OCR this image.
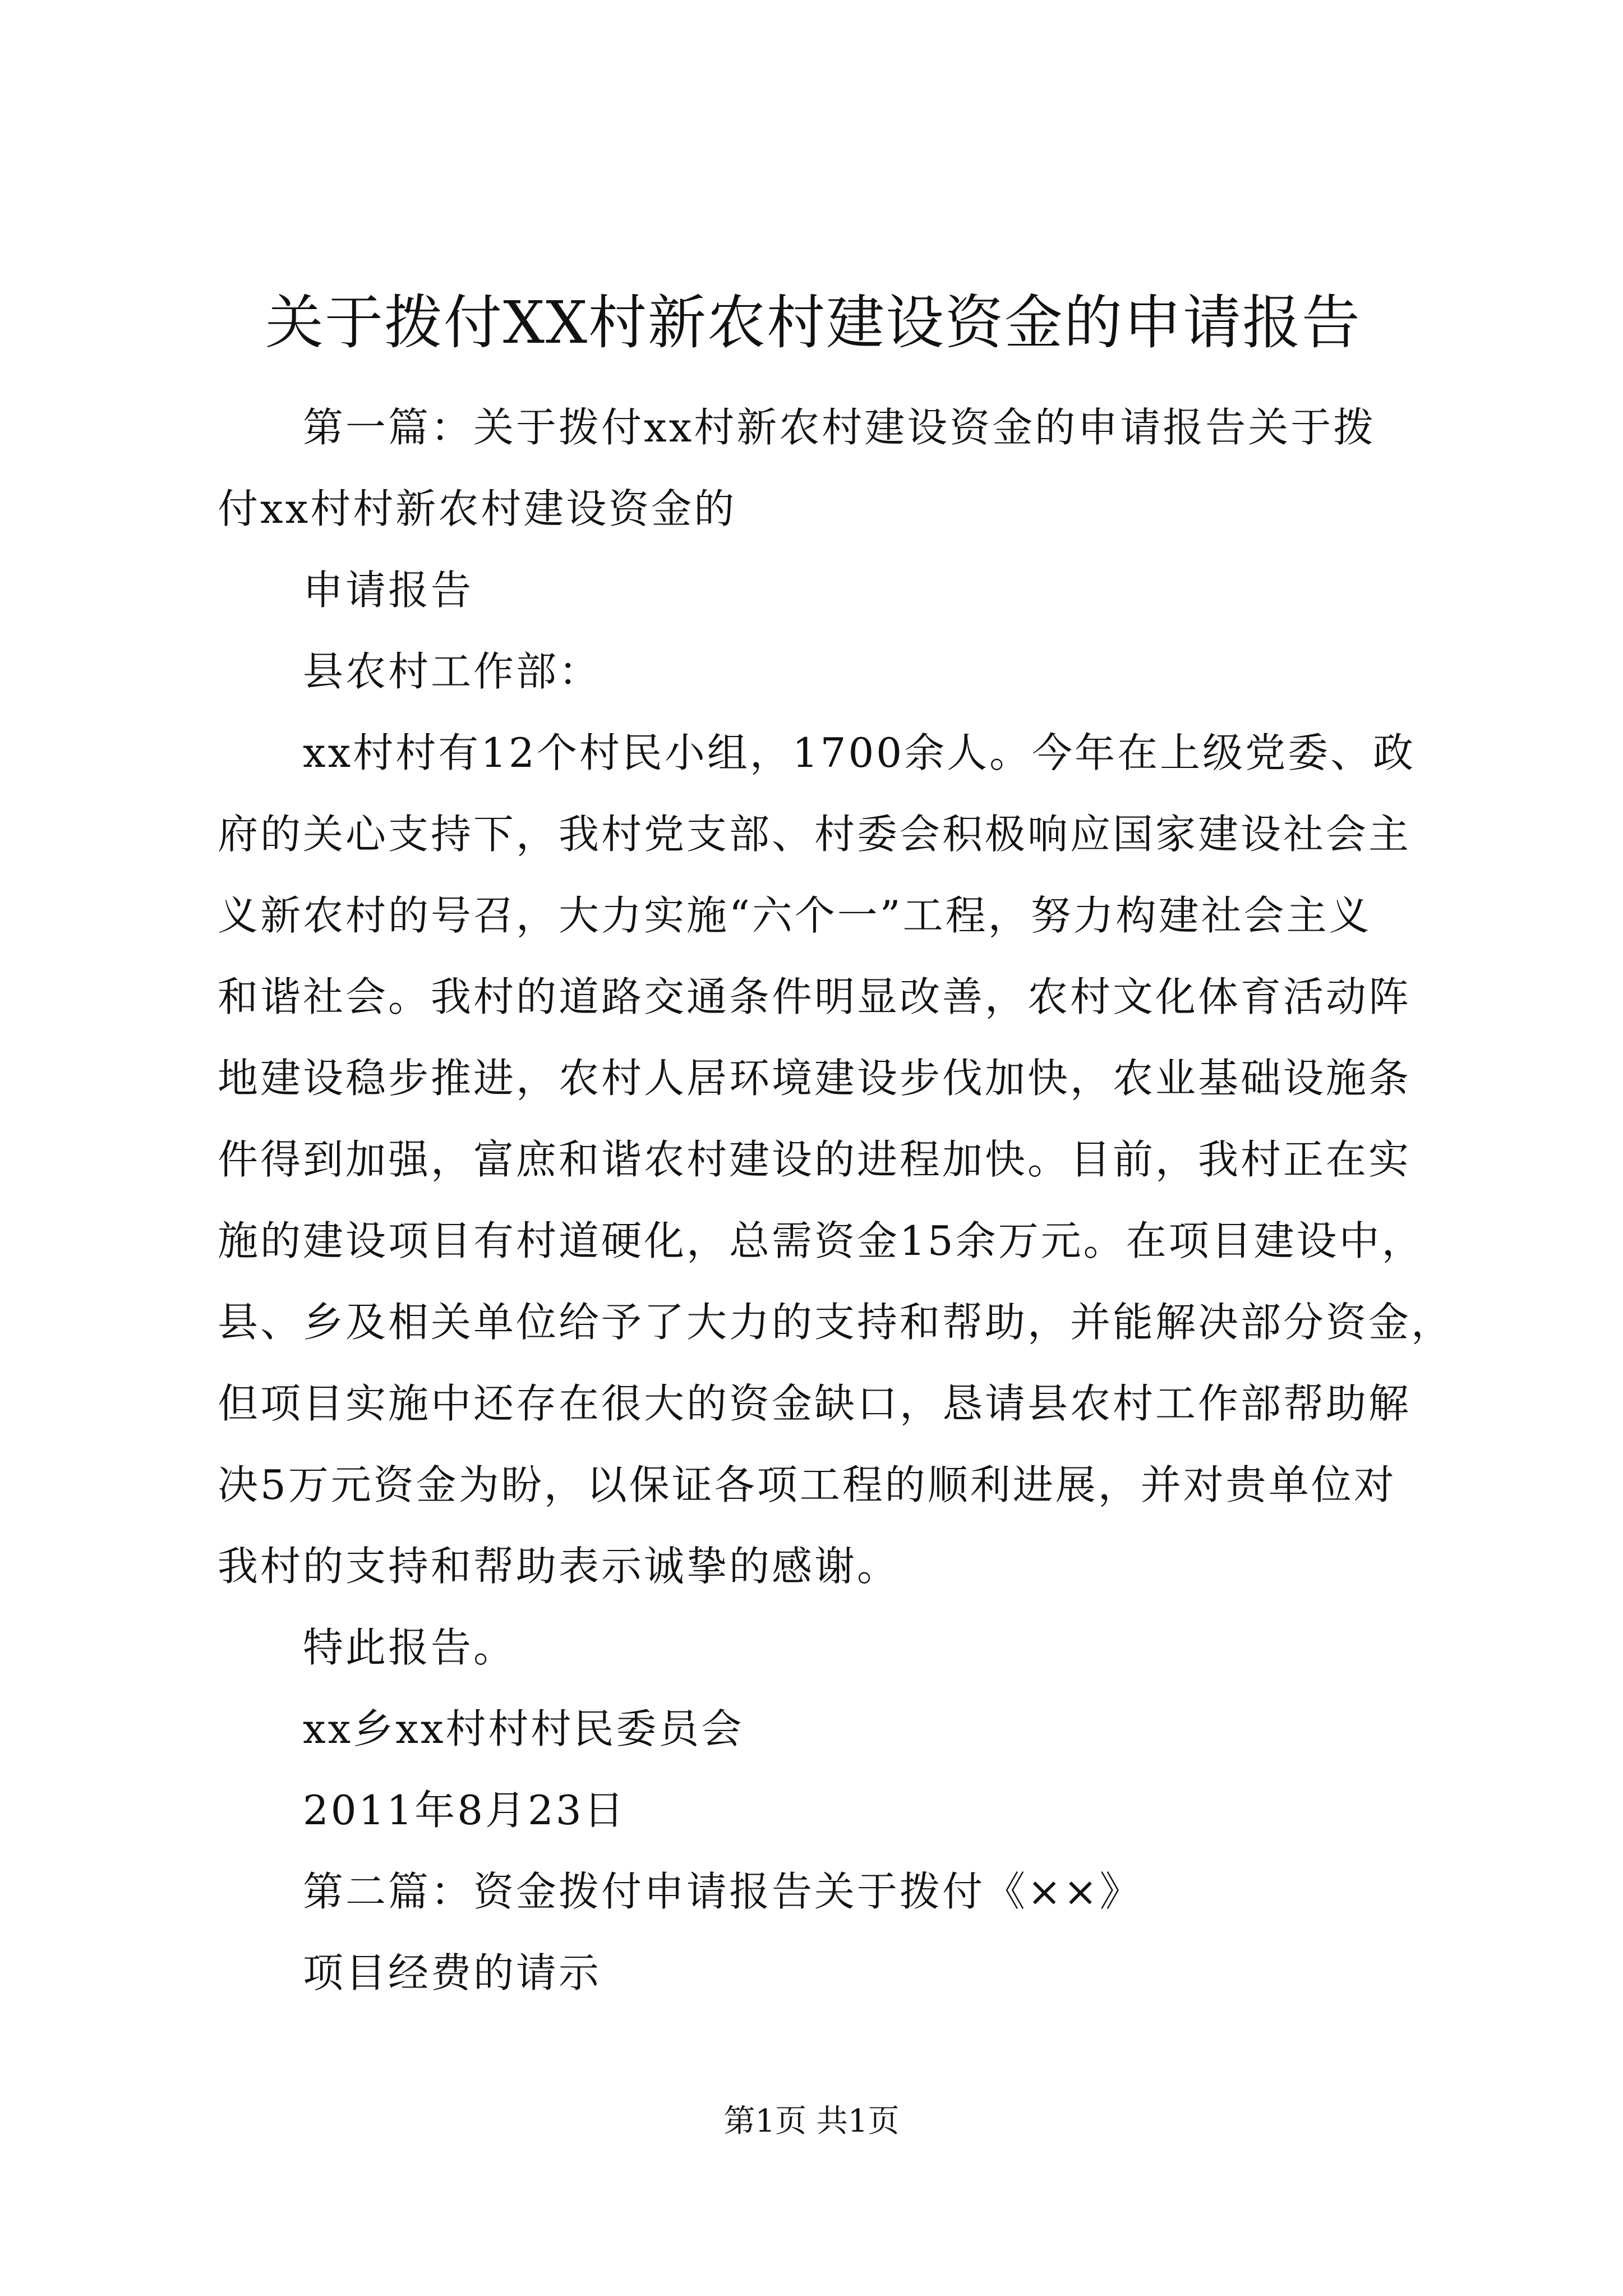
关于拨付XX村新农村建设资金的申请报告
第一篇：关于拨付xx村新农村建设资金的申请报告关于拨
付xx村村新农村建设资金的
申请报告
县农村工作部：
xx村村有12个村民小组，1700余人。今年在上级党委、政
府的关心支持下，我村党支部、村委会积极响应国家建设社会主
义新农村的号召，大力实施“六个一”工程，努力构建社会主义
和谐社会。我村的道路交通条件明显改善，农村文化体育活动阵
地建设稳步推进，农村人居环境建设步伐加快，农业基础设施条
件得到加强，富庶和谐农村建设的进程加快。目前，我村正在实
施的建设项目有村道硬化，总需资金15余万元。在项目建设中，
县、乡及相关单位给予了大力的支持和帮助，并能解决部分资金，
但项目实施中还存在很大的资金缺口，恳请县农村工作部帮助解
决5万元资金为盼，以保证各项工程的顺利进展，并对贵单位对
我村的支持和帮助表示诚挚的感谢。
特此报告。
xx乡xx村村村民委员会
2011年8月23日
第二篇：资金拨付申请报告关于拨付《××》
项目经费的请示
第1页 共1页
